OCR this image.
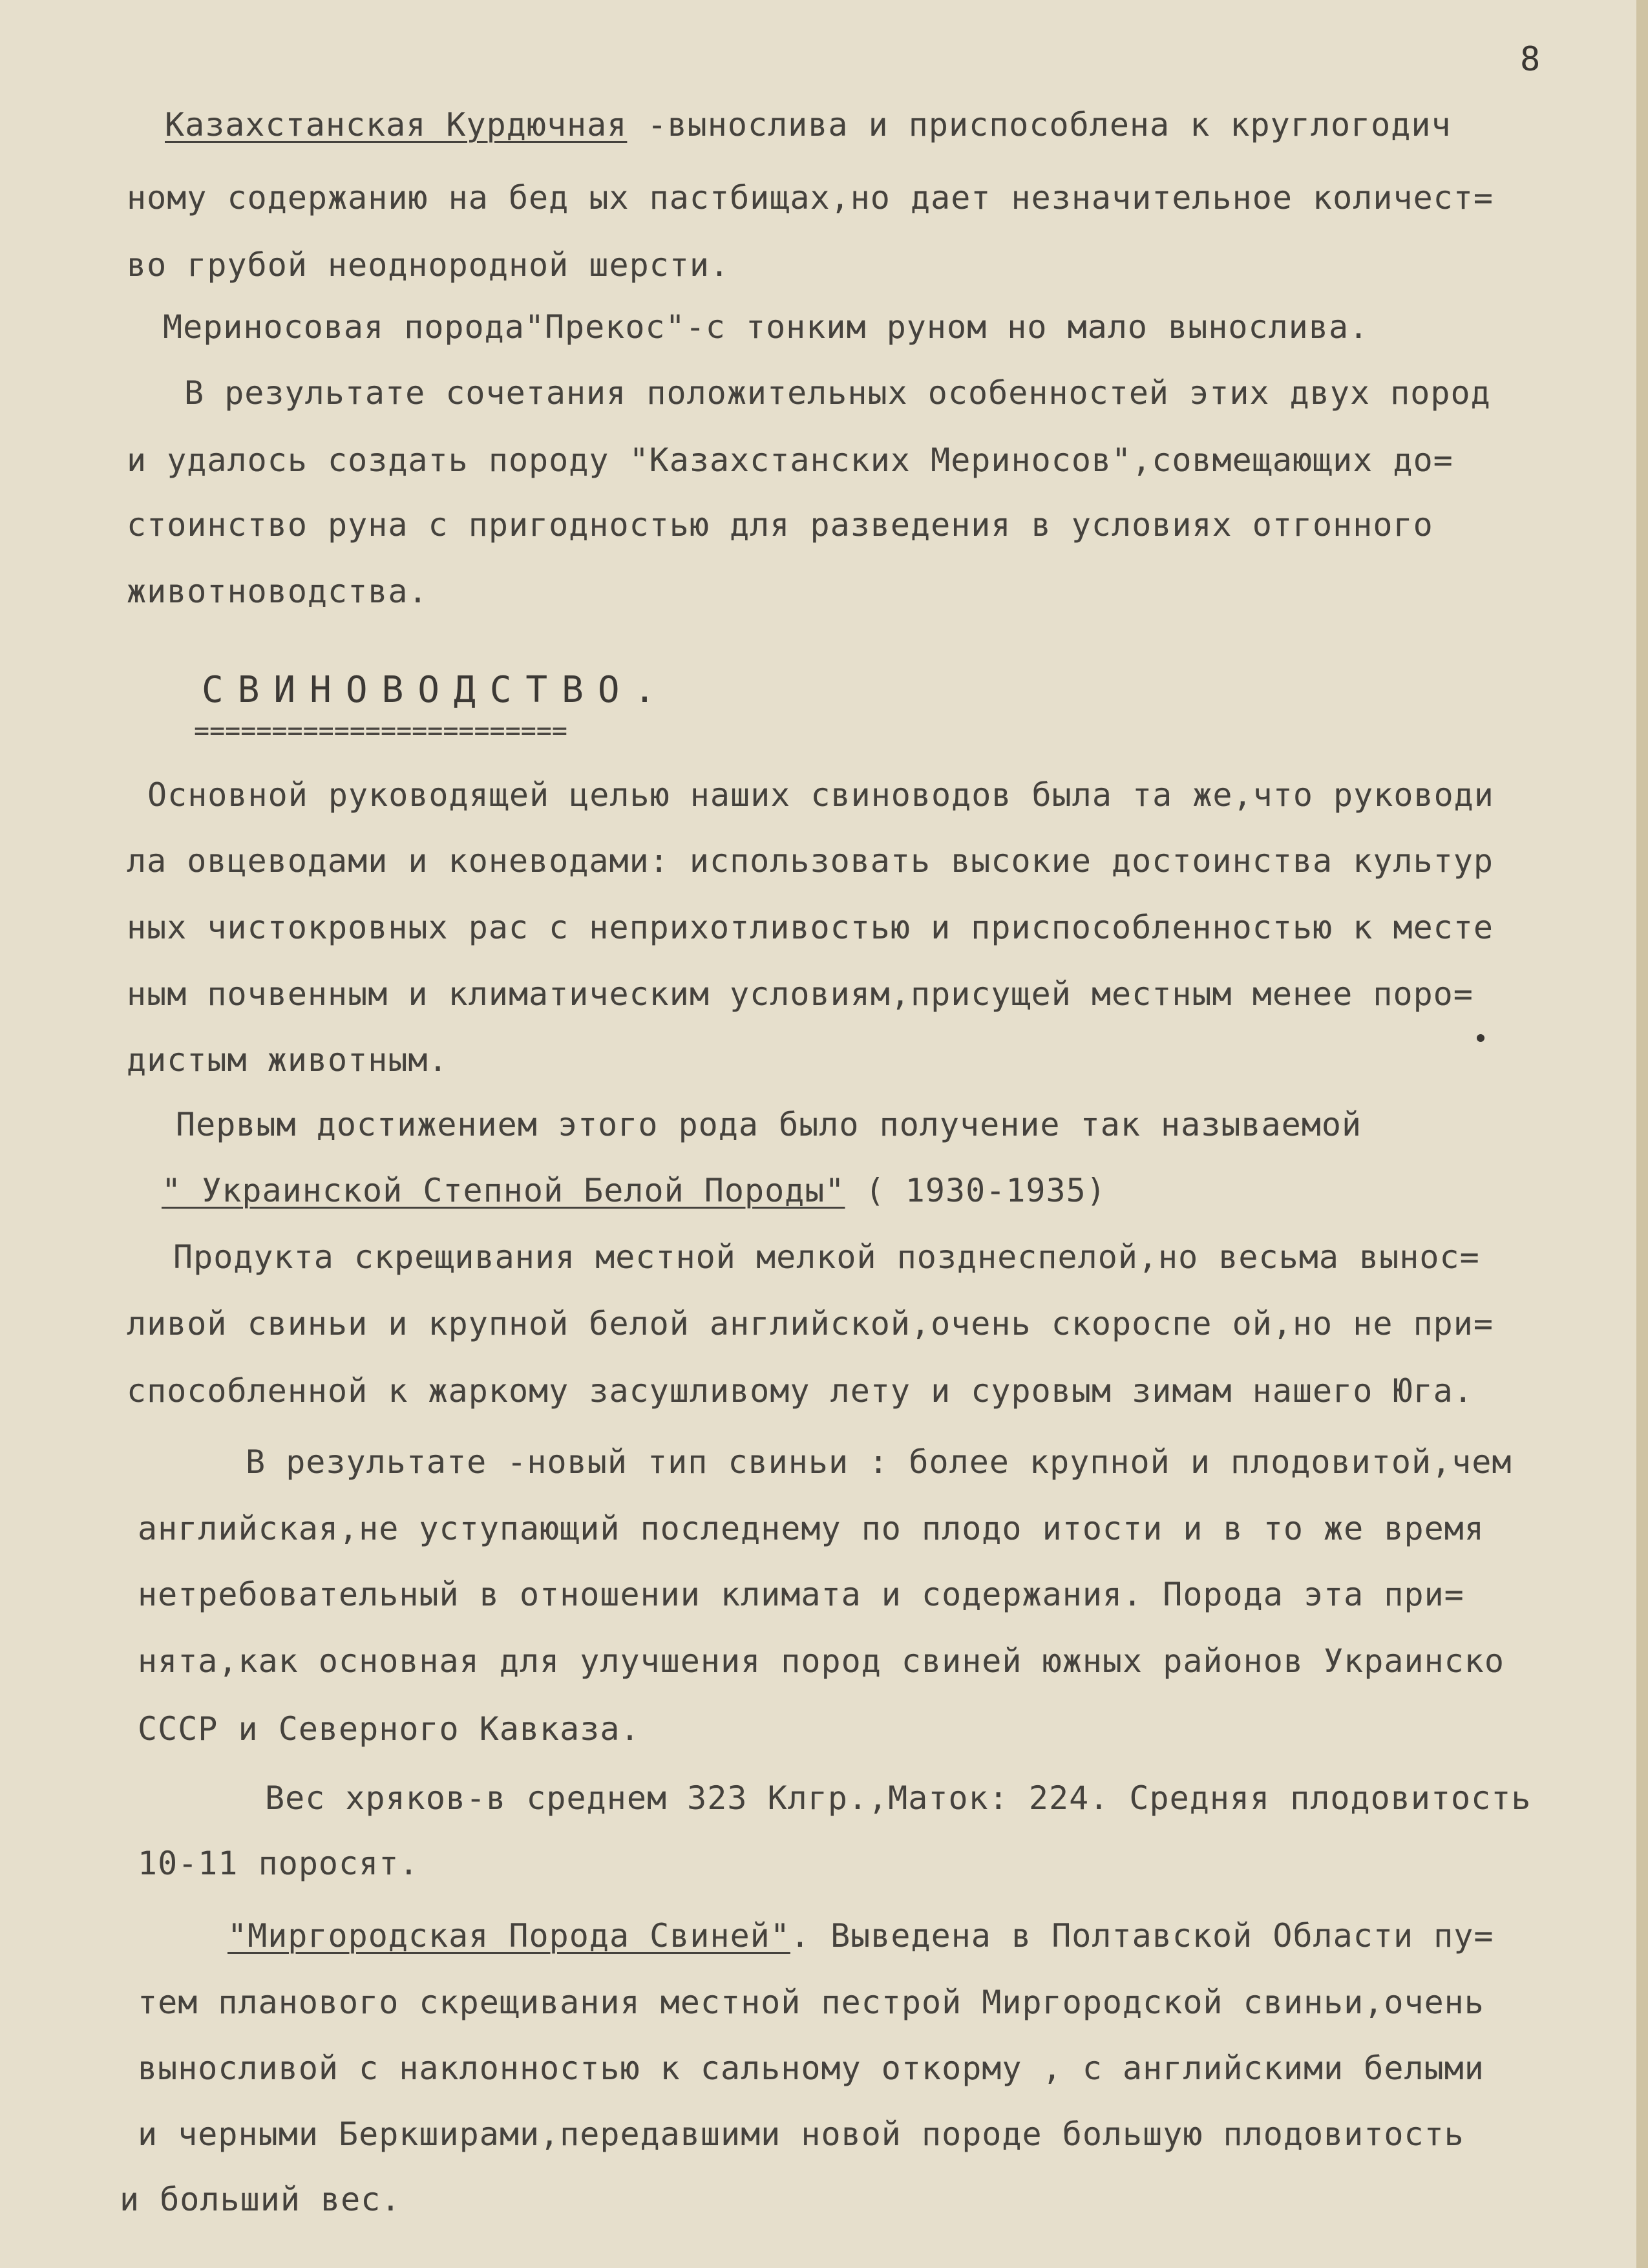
8
Казахстанская Курдючная -вынослива и приспособлена к круглогодич
ному содержанию на бед ых пастбищах,но дает незначительное количест=
во грубой неоднородной шерсти.
Мериносовая порода"Прекос"-с тонким руном но мало вынослива.
В результате сочетания положительных особенностей этих двух пород
и удалось создать породу "Казахстанских Мериносов",совмещающих до=
стоинство руна с пригодностью для разведения в условиях отгонного
животноводства.
СВИНОВОДСТВО.
========================
Основной руководящей целью наших свиноводов была та же,что руководи
ла овцеводами и коневодами: использовать высокие достоинства культур
ных чистокровных рас с неприхотливостью и приспособленностью к месте
ным почвенным и климатическим условиям,присущей местным менее поро=
дистым животным.
Первым достижением этого рода было получение так называемой
" Украинской Степной Белой Породы" ( 1930-1935)
Продукта скрещивания местной мелкой позднеспелой,но весьма вынос=
ливой свиньи и крупной белой английской,очень скороспе ой,но не при=
способленной к жаркому засушливому лету и суровым зимам нашего Юга.
В результате -новый тип свиньи : более крупной и плодовитой,чем
английская,не уступающий последнему по плодо итости и в то же время
нетребовательный в отношении климата и содержания. Порода эта при=
нята,как основная для улучшения пород свиней южных районов Украинско
СССР и Северного Кавказа.
Вес хряков-в среднем 323 Клгр.,Маток: 224. Средняя плодовитость
10-11 поросят.
"Миргородская Порода Свиней". Выведена в Полтавской Области пу=
тем планового скрещивания местной пестрой Миргородской свиньи,очень
выносливой с наклонностью к сальному откорму , с английскими белыми
и черными Беркширами,передавшими новой породе большую плодовитость
и больший вес.
